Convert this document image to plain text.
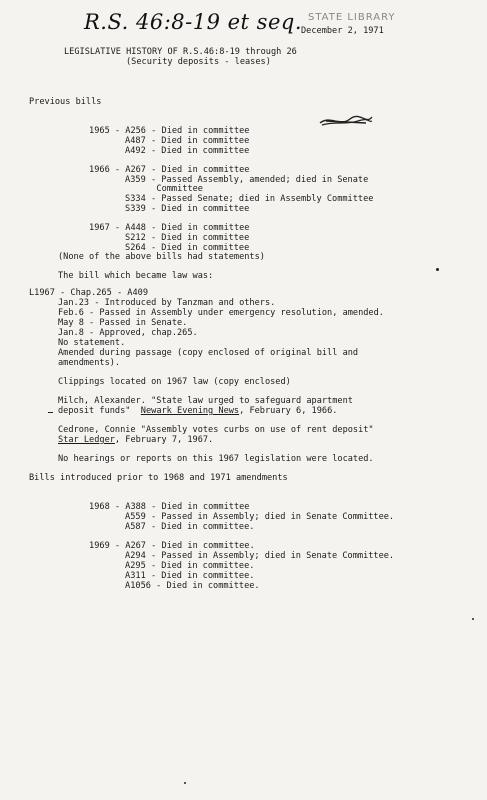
R.S. 46:8-19 et seq. STATE LIBRARY
December 2, 1971
LEGISLATIVE HISTORY OF R.S.46:8-19 through 26
(Security deposits - leases)
Previous bills

1965 - A256 - Died in committee

A487 - Died in committee

A492 - Died in committee

1966 - A267 - Died in committee

A359 - Passed Assembly, amended; died in Senate

Committee

S334 - Passed Senate; died in Assembly Committee

S339 - Died in committee

1967 - A448 - Died in committee

S212 - Died in committee

S264 - Died in committee

(None of the above bills had statements)
The bill which became law was:
L1967 - Chap.265 - A409
Jan.23 - Introduced by Tanzman and others.
Feb.6 - Passed in Assembly under emergency resolution, amended.
May 8 - Passed in Senate.
Jan.8 - Approved, chap.265.
No statement.
Amended during passage (copy enclosed of original bill and
amendments).
Clippings located on 1967 law (copy enclosed)
Milch, Alexander. "State law urged to safeguard apartment
deposit funds" Newark Evening News, February 6, 1966.
Cedrone, Connie "Assembly votes curbs on use of rent deposit"
Star Ledger, February 7, 1967.
No hearings or reports on this 1967 legislation were located.
Bills introduced prior to 1968 and 1971 amendments

1968 - A388 - Died in committee

A559 - Passed in Assembly; died in Senate Committee.

A587 - Died in committee.

1969 - A267 - Died in committee.

A294 - Passed in Assembly; died in Senate Committee.

A295 - Died in committee.

A311 - Died in committee.

A1056 - Died in committee.
